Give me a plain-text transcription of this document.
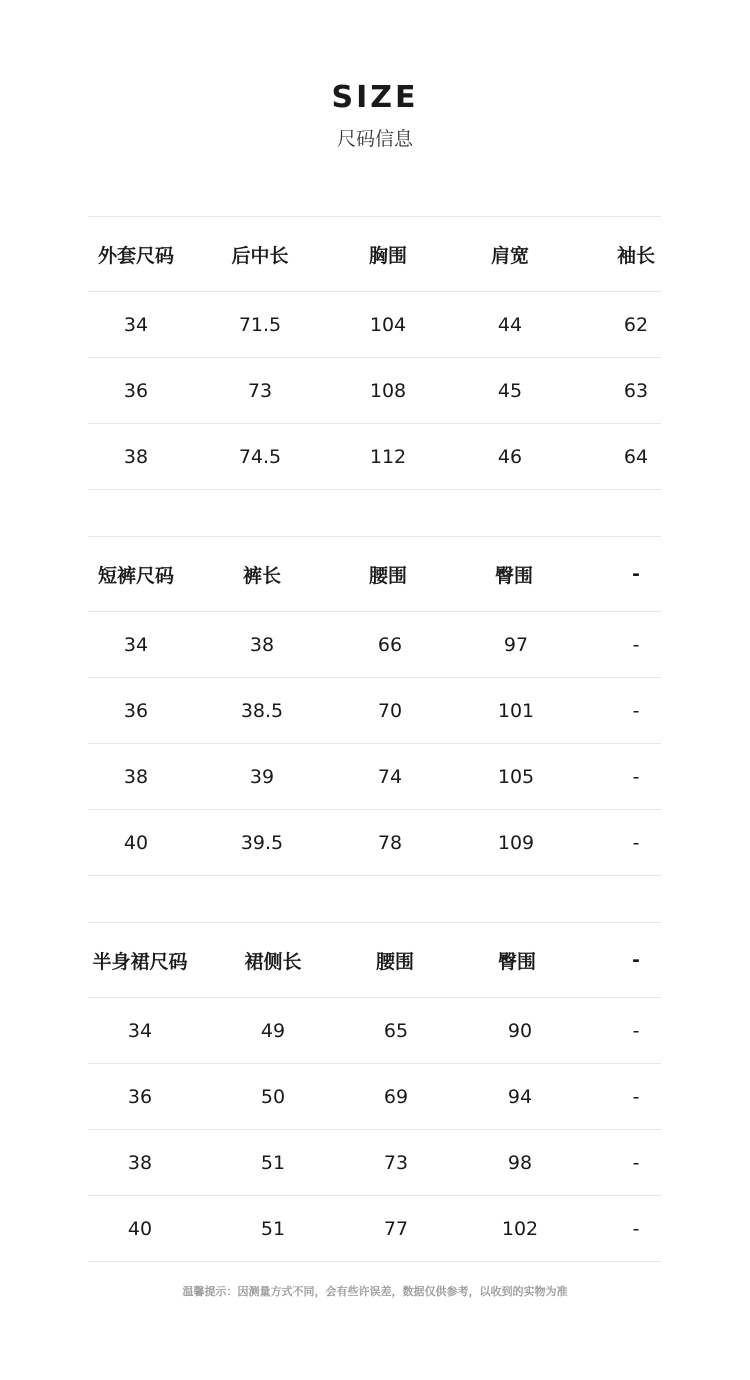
SIZE
尺码信息
外套尺码	后中长	胸围	肩宽	袖长
34	71.5	104	44	62
36	73	108	45	63
38	74.5	112	46	64
短裤尺码	裤长	腰围	臀围	-
34	38	66	97	-
36	38.5	70	101	-
38	39	74	105	-
40	39.5	78	109	-
半身裙尺码	裙侧长	腰围	臀围	-
34	49	65	90	-
36	50	69	94	-
38	51	73	98	-
40	51	77	102	-
温馨提示：因测量方式不同，会有些许误差，数据仅供参考，以收到的实物为准
